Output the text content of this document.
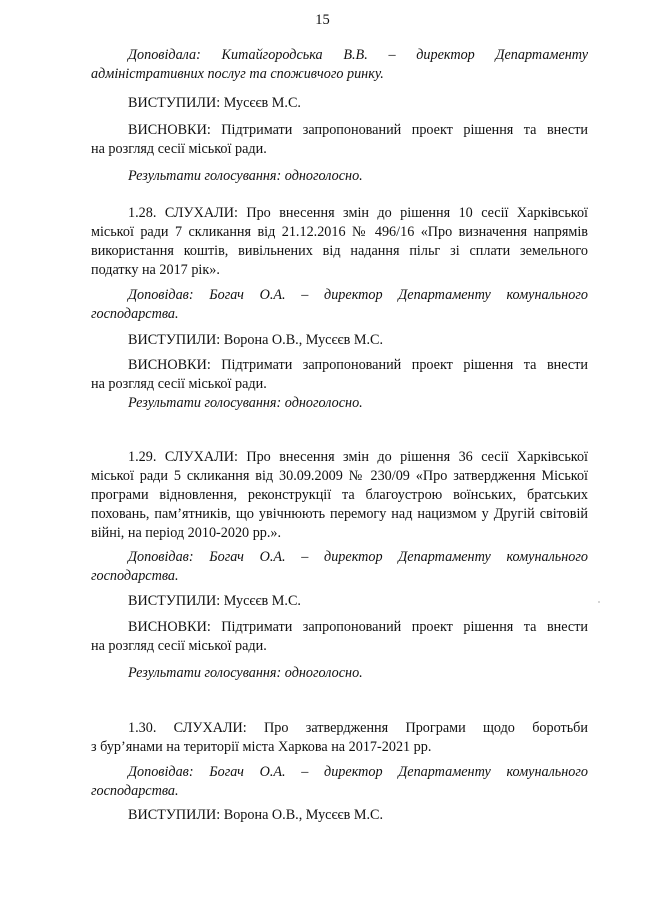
15
Доповідала: Китайгородська В.В. – директор Департаменту
адміністративних послуг та споживчого ринку.
ВИСТУПИЛИ: Мусєєв М.С.
ВИСНОВКИ: Підтримати запропонований проект рішення та внести
на розгляд сесії міської ради.
Результати голосування: одноголосно.
1.28. СЛУХАЛИ: Про внесення змін до рішення 10 сесії Харківської
міської ради 7 скликання від 21.12.2016 № 496/16 «Про визначення напрямів
використання коштів, вивільнених від надання пільг зі сплати земельного
податку на 2017 рік».
Доповідав: Богач О.А. – директор Департаменту комунального
господарства.
ВИСТУПИЛИ: Ворона О.В., Мусєєв М.С.
ВИСНОВКИ: Підтримати запропонований проект рішення та внести
на розгляд сесії міської ради.
Результати голосування: одноголосно.
1.29. СЛУХАЛИ: Про внесення змін до рішення 36 сесії Харківської
міської ради 5 скликання від 30.09.2009 № 230/09 «Про затвердження Міської
програми відновлення, реконструкції та благоустрою воїнських, братських
поховань, пам’ятників, що увічнюють перемогу над нацизмом у Другій світовій
війні, на період 2010-2020 рр.».
Доповідав: Богач О.А. – директор Департаменту комунального
господарства.
ВИСТУПИЛИ: Мусєєв М.С.
ВИСНОВКИ: Підтримати запропонований проект рішення та внести
на розгляд сесії міської ради.
Результати голосування: одноголосно.
1.30. СЛУХАЛИ: Про затвердження Програми щодо боротьби
з бур’янами на території міста Харкова на 2017-2021 рр.
Доповідав: Богач О.А. – директор Департаменту комунального
господарства.
ВИСТУПИЛИ: Ворона О.В., Мусєєв М.С.
